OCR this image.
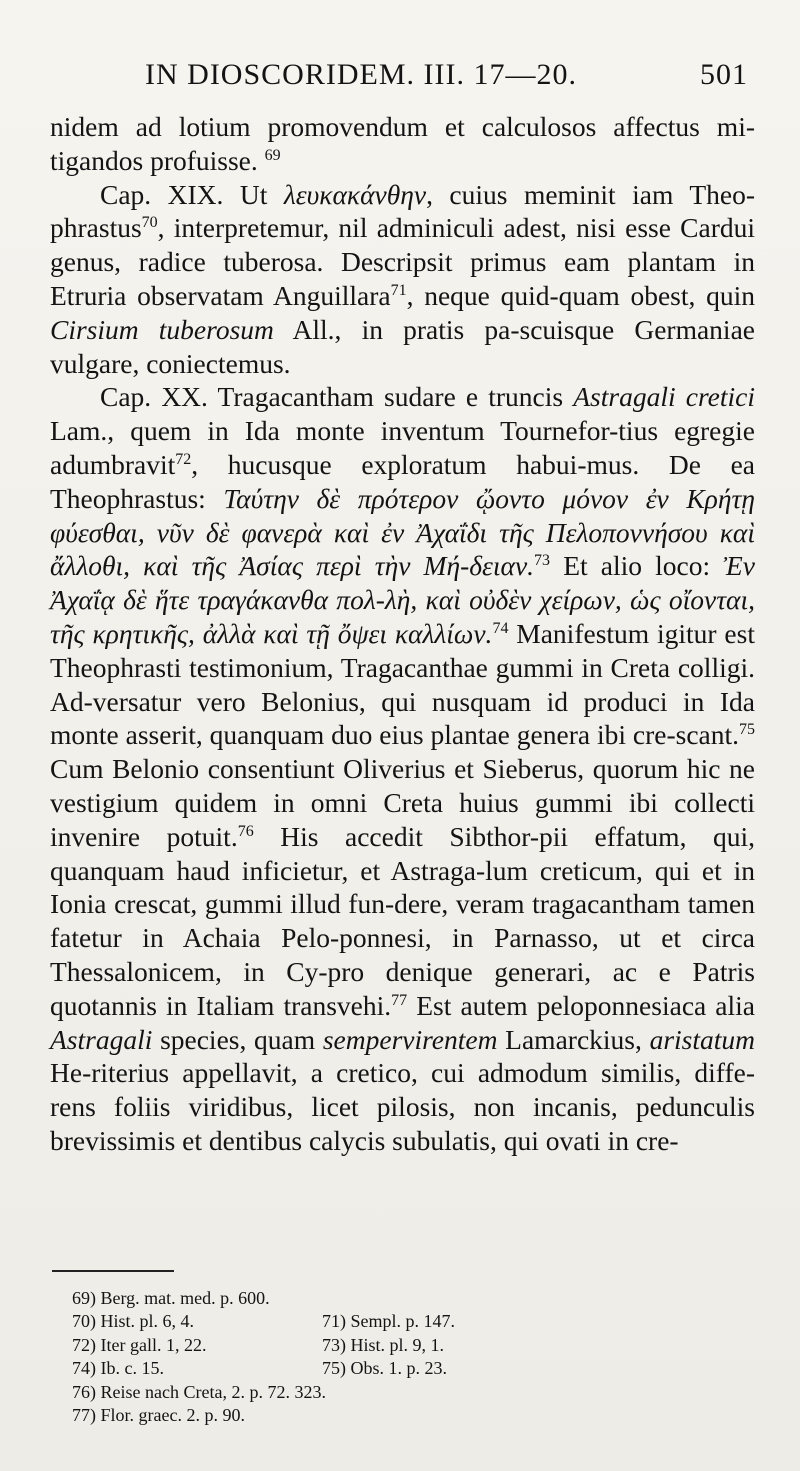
IN DIOSCORIDEM. III. 17—20.	501

nidem ad lotium promovendum et calculosos affectus mi-tigandos profuisse. $^{69}$

Cap. XIX. Ut λευκακάνθην, cuius meminit iam Theo-phrastus$^{70}$, interpretemur, nil adminiculi adest, nisi esse Cardui genus, radice tuberosa. Descripsit primus eam plantam in Etruria observatam Anguillara$^{71}$, neque quid-quam obest, quin Cirsium tuberosum All., in pratis pa-scuisque Germaniae vulgare, coniectemus.

Cap. XX. Tragacantham sudare e truncis Astragali cretici Lam., quem in Ida monte inventum Tournefor-tius egregie adumbravit$^{72}$, hucusque exploratum habui-mus. De ea Theophrastus: Ταύτην δὲ πρότερον ᾤοντο μόνον ἐν Κρήτῃ φύεσθαι, νῦν δὲ φανερὰ καὶ ἐν Ἀχαΐδι τῆς Πελοποννήσου καὶ ἄλλοθι, καὶ τῆς Ἀσίας περὶ τὴν Μή-δειαν.$^{73}$ Et alio loco: Ἐν Ἀχαΐᾳ δὲ ἥτε τραγάκανθα πολ-λὴ, καὶ οὐδὲν χείρων, ὡς οἴονται, τῆς κρητικῆς, ἀλλὰ καὶ τῇ ὄψει καλλίων.$^{74}$ Manifestum igitur est Theophrasti testimonium, Tragacanthae gummi in Creta colligi. Ad-versatur vero Belonius, qui nusquam id produci in Ida monte asserit, quanquam duo eius plantae genera ibi cre-scant.$^{75}$ Cum Belonio consentiunt Oliverius et Sieberus, quorum hic ne vestigium quidem in omni Creta huius gummi ibi collecti invenire potuit.$^{76}$ His accedit Sibthor-pii effatum, qui, quanquam haud inficietur, et Astraga-lum creticum, qui et in Ionia crescat, gummi illud fun-dere, veram tragacantham tamen fatetur in Achaia Pelo-ponnesi, in Parnasso, ut et circa Thessalonicem, in Cy-pro denique generari, ac e Patris quotannis in Italiam transvehi.$^{77}$ Est autem peloponnesiaca alia Astragali species, quam sempervirentem Lamarckius, aristatum He-riterius appellavit, a cretico, cui admodum similis, diffe-rens foliis viridibus, licet pilosis, non incanis, pedunculis brevissimis et dentibus calycis subulatis, qui ovati in cre-

69) Berg. mat. med. p. 600.
70) Hist. pl. 6, 4.	71) Sempl. p. 147.
72) Iter gall. 1, 22.	73) Hist. pl. 9, 1.
74) Ib. c. 15.	75) Obs. 1. p. 23.
76) Reise nach Creta, 2. p. 72. 323.
77) Flor. graec. 2. p. 90.
